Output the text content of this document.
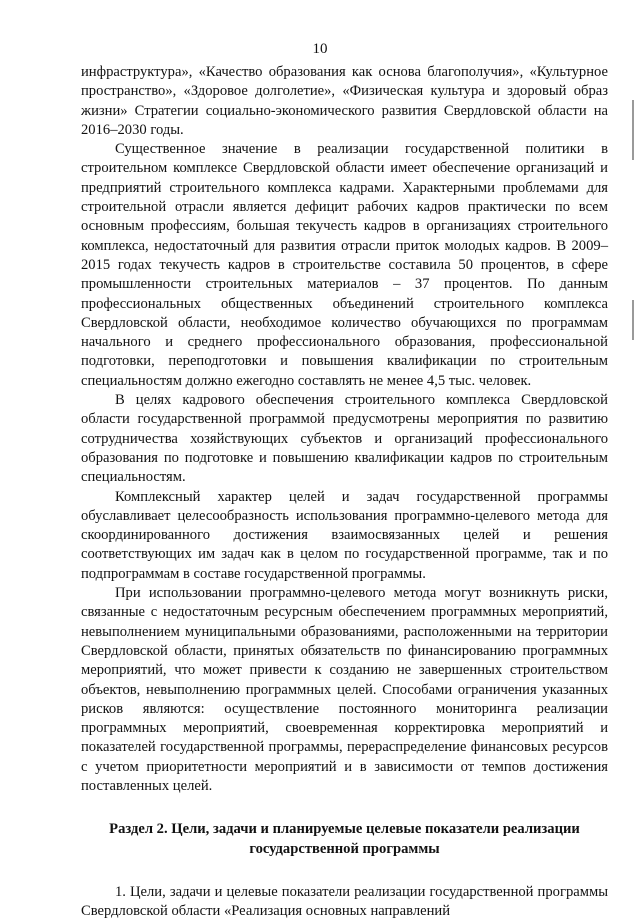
10

инфраструктура», «Качество образования как основа благополучия», «Культурное пространство», «Здоровое долголетие», «Физическая культура и здоровый образ жизни» Стратегии социально-экономического развития Свердловской области на 2016–2030 годы.

Существенное значение в реализации государственной политики в строительном комплексе Свердловской области имеет обеспечение организаций и предприятий строительного комплекса кадрами. Характерными проблемами для строительной отрасли является дефицит рабочих кадров практически по всем основным профессиям, большая текучесть кадров в организациях строительного комплекса, недостаточный для развития отрасли приток молодых кадров. В 2009–2015 годах текучесть кадров в строительстве составила 50 процентов, в сфере промышленности строительных материалов – 37 процентов. По данным профессиональных общественных объединений строительного комплекса Свердловской области, необходимое количество обучающихся по программам начального и среднего профессионального образования, профессиональной подготовки, переподготовки и повышения квалификации по строительным специальностям должно ежегодно составлять не менее 4,5 тыс. человек.

В целях кадрового обеспечения строительного комплекса Свердловской области государственной программой предусмотрены мероприятия по развитию сотрудничества хозяйствующих субъектов и организаций профессионального образования по подготовке и повышению квалификации кадров по строительным специальностям.

Комплексный характер целей и задач государственной программы обуславливает целесообразность использования программно-целевого метода для скоординированного достижения взаимосвязанных целей и решения соответствующих им задач как в целом по государственной программе, так и по подпрограммам в составе государственной программы.

При использовании программно-целевого метода могут возникнуть риски, связанные с недостаточным ресурсным обеспечением программных мероприятий, невыполнением муниципальными образованиями, расположенными на территории Свердловской области, принятых обязательств по финансированию программных мероприятий, что может привести к созданию не завершенных строительством объектов, невыполнению программных целей. Способами ограничения указанных рисков являются: осуществление постоянного мониторинга реализации программных мероприятий, своевременная корректировка мероприятий и показателей государственной программы, перераспределение финансовых ресурсов с учетом приоритетности мероприятий и в зависимости от темпов достижения поставленных целей.

Раздел 2. Цели, задачи и планируемые целевые показатели реализации государственной программы

1. Цели, задачи и целевые показатели реализации государственной программы Свердловской области «Реализация основных направлений
